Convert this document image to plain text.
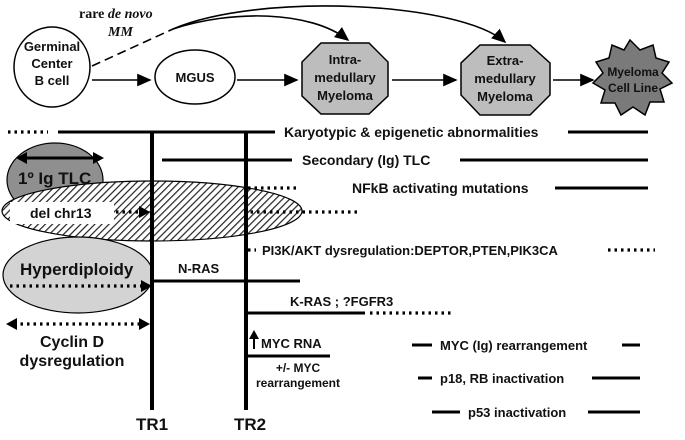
Germinal
Center
B cell	MGUS
Intra-
medullary
Myeloma
Extra-
medullary
Myeloma
Myeloma
Cell Line
rare de novo
MM
Karyotypic & epigenetic abnormalities
Secondary (Ig) TLC
1º Ig TLC	NFkB activating mutations
del chr13
PI3K/AKT dysregulation:DEPTOR,PTEN,PIK3CA
Hyperdiploidy	N-RAS
K-RAS ; ?FGFR3
Cyclin D
dysregulation
MYC RNA
+/- MYC
rearrangement
MYC (Ig) rearrangement
p18, RB inactivation
p53 inactivation
TR1	TR2
